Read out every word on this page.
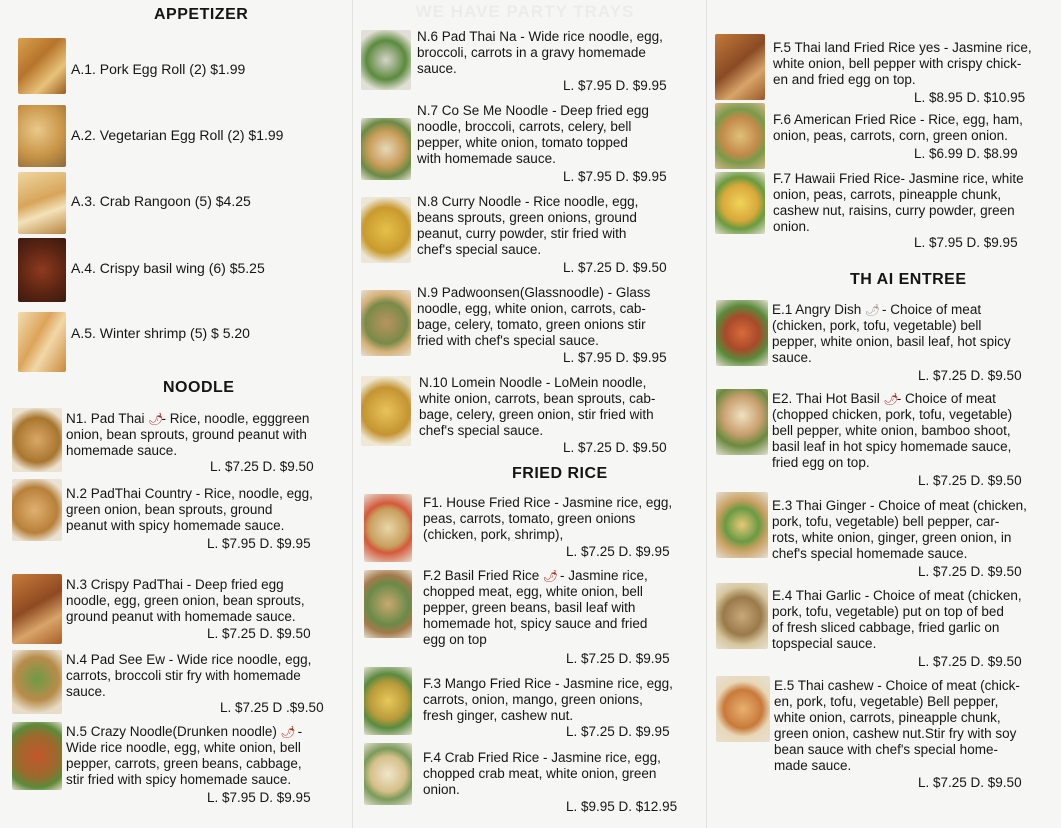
WE HAVE PARTY TRAYS
APPETIZER
A.1. Pork Egg Roll (2) $1.99
A.2. Vegetarian Egg Roll (2) $1.99
A.3. Crab Rangoon (5) $4.25
A.4. Crispy basil wing (6) $5.25
A.5. Winter shrimp (5) $ 5.20
NOODLE
N1. Pad Thai 🌶- Rice, noodle, egggreen
onion, bean sprouts, ground peanut with
homemade sauce.
L. $7.25 D. $9.50
N.2 PadThai Country - Rice, noodle, egg,
green onion, bean sprouts, ground
peanut with spicy homemade sauce.
L. $7.95 D. $9.95
N.3 Crispy PadThai - Deep fried egg
noodle, egg, green onion, bean sprouts,
ground peanut with homemade sauce.
L. $7.25 D. $9.50
N.4 Pad See Ew - Wide rice noodle, egg,
carrots, broccoli stir fry with homemade
sauce.
L. $7.25 D .$9.50
N.5 Crazy Noodle(Drunken noodle) 🌶 -
Wide rice noodle, egg, white onion, bell
pepper, carrots, green beans, cabbage,
stir fried with spicy homemade sauce.
L. $7.95 D. $9.95
N.6 Pad Thai Na - Wide rice noodle, egg,
broccoli, carrots in a gravy homemade
sauce.
L. $7.95 D. $9.95
N.7 Co Se Me Noodle - Deep fried egg
noodle, broccoli, carrots, celery, bell
pepper, white onion, tomato topped
with homemade sauce.
L. $7.95 D. $9.95
N.8 Curry Noodle - Rice noodle, egg,
beans sprouts, green onions, ground
peanut, curry powder, stir fried with
chef's special sauce.
L. $7.25 D. $9.50
N.9 Padwoonsen(Glassnoodle) - Glass
noodle, egg, white onion, carrots, cab-
bage, celery, tomato, green onions stir
fried with chef's special sauce.
L. $7.95 D. $9.95
N.10 Lomein Noodle - LoMein noodle,
white onion, carrots, bean sprouts, cab-
bage, celery, green onion, stir fried with
chef's special sauce.
L. $7.25 D. $9.50
FRIED RICE
F1. House Fried Rice - Jasmine rice, egg,
peas, carrots, tomato, green onions
(chicken, pork, shrimp),
L. $7.25 D. $9.95
F.2 Basil Fried Rice 🌶 - Jasmine rice,
chopped meat, egg, white onion, bell
pepper, green beans, basil leaf with
homemade hot, spicy sauce and fried
egg on top
L. $7.25 D. $9.95
F.3 Mango Fried Rice - Jasmine rice, egg,
carrots, onion, mango, green onions,
fresh ginger, cashew nut.
L. $7.25 D. $9.95
F.4 Crab Fried Rice - Jasmine rice, egg,
chopped crab meat, white onion, green
onion.
L. $9.95 D. $12.95
F.5 Thai land Fried Rice yes - Jasmine rice,
white onion, bell pepper with crispy chick-
en and fried egg on top.
L. $8.95 D. $10.95
F.6 American Fried Rice - Rice, egg, ham,
onion, peas, carrots, corn, green onion.
L. $6.99 D. $8.99
F.7 Hawaii Fried Rice- Jasmine rice, white
onion, peas, carrots, pineapple chunk,
cashew nut, raisins, curry powder, green
onion.
L. $7.95 D. $9.95
TH AI ENTREE
E.1 Angry Dish 🌶 - Choice of meat
(chicken, pork, tofu, vegetable) bell
pepper, white onion, basil leaf, hot spicy
sauce.
L. $7.25 D. $9.50
E2. Thai Hot Basil 🌶- Choice of meat
(chopped chicken, pork, tofu, vegetable)
bell pepper, white onion, bamboo shoot,
basil leaf in hot spicy homemade sauce,
fried egg on top.
L. $7.25 D. $9.50
E.3 Thai Ginger - Choice of meat (chicken,
pork, tofu, vegetable) bell pepper, car-
rots, white onion, ginger, green onion, in
chef's special homemade sauce.
L. $7.25 D. $9.50
E.4 Thai Garlic - Choice of meat (chicken,
pork, tofu, vegetable) put on top of bed
of fresh sliced cabbage, fried garlic on
topspecial sauce.
L. $7.25 D. $9.50
E.5 Thai cashew - Choice of meat (chick-
en, pork, tofu, vegetable) Bell pepper,
white onion, carrots, pineapple chunk,
green onion, cashew nut.Stir fry with soy
bean sauce with chef's special home-
made sauce.
L. $7.25 D. $9.50
